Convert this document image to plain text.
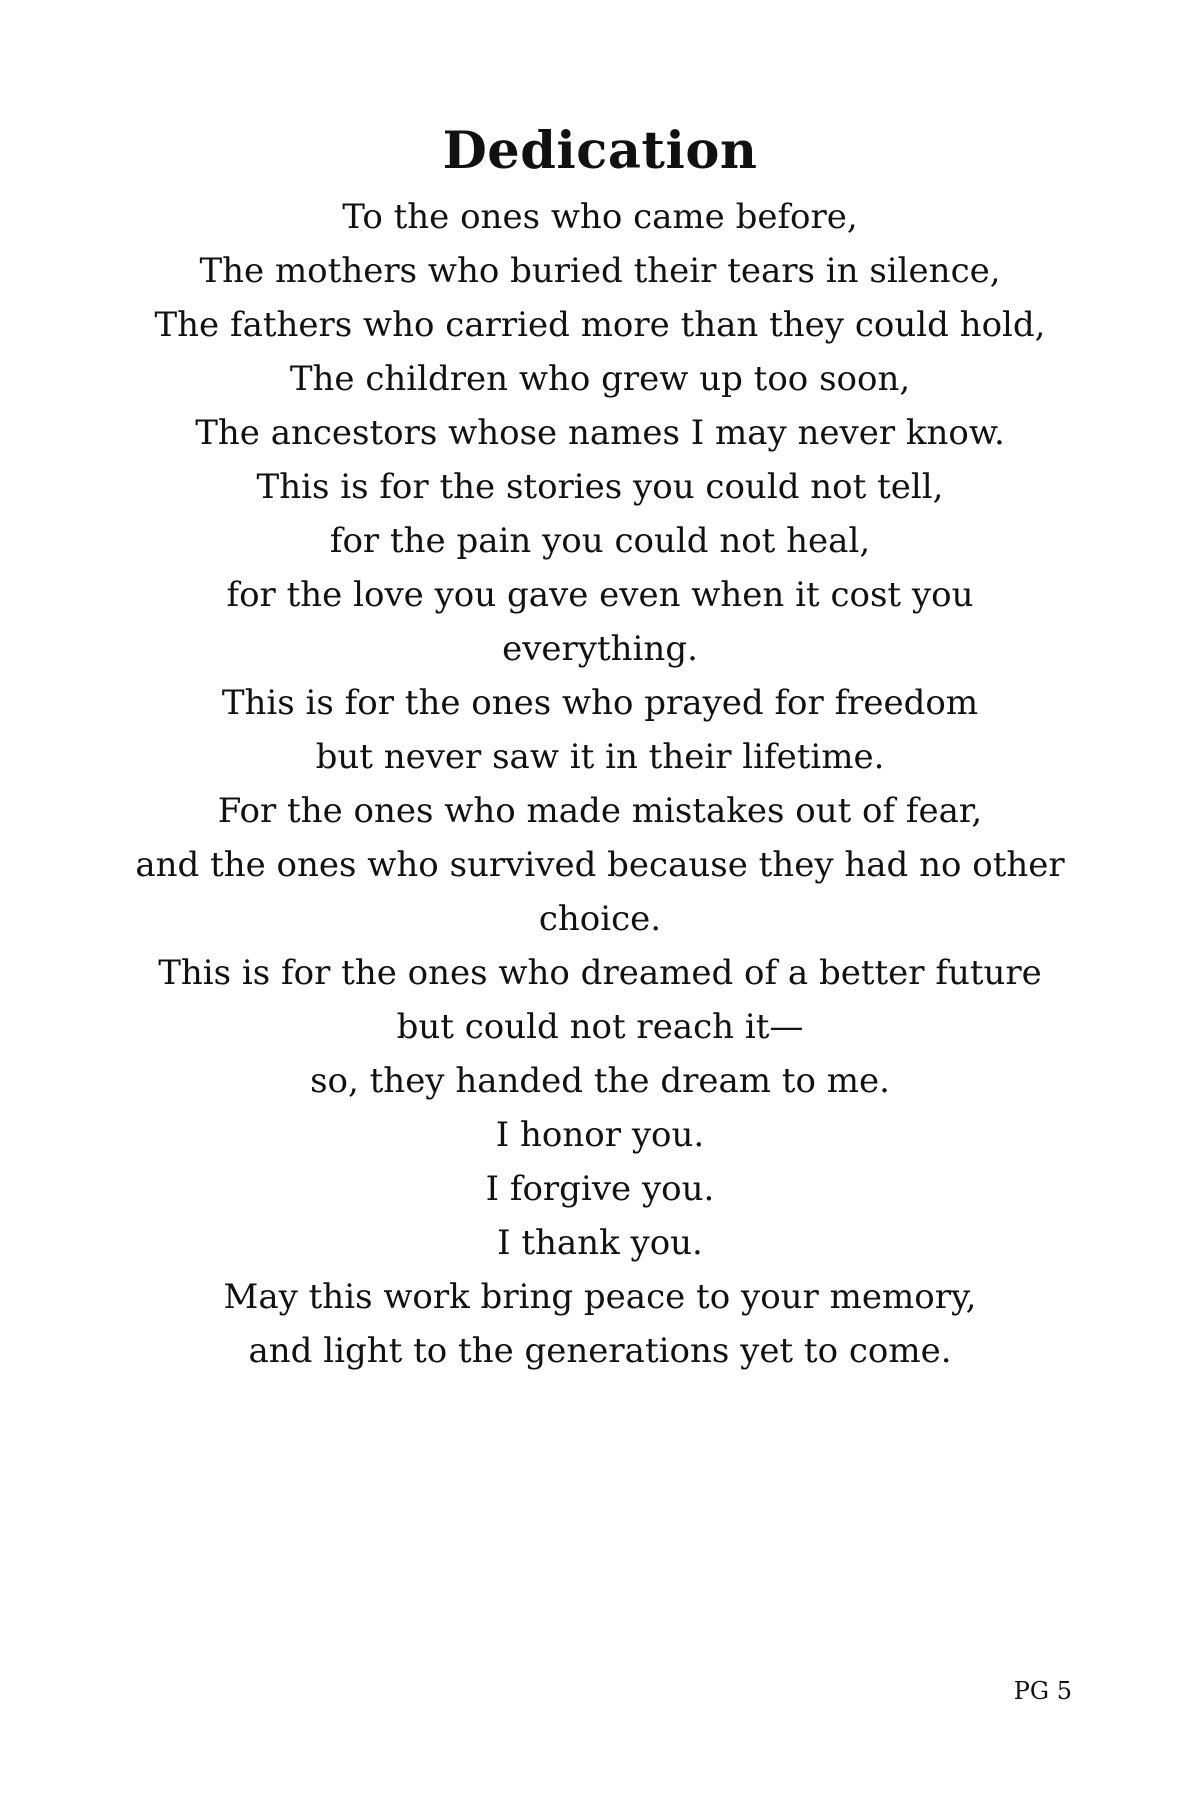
Dedication
To the ones who came before,
The mothers who buried their tears in silence,
The fathers who carried more than they could hold,
The children who grew up too soon,
The ancestors whose names I may never know.
This is for the stories you could not tell,
for the pain you could not heal,
for the love you gave even when it cost you
everything.
This is for the ones who prayed for freedom
but never saw it in their lifetime.
For the ones who made mistakes out of fear,
and the ones who survived because they had no other
choice.
This is for the ones who dreamed of a better future
but could not reach it—
so, they handed the dream to me.
I honor you.
I forgive you.
I thank you.
May this work bring peace to your memory,
and light to the generations yet to come.
PG 5
